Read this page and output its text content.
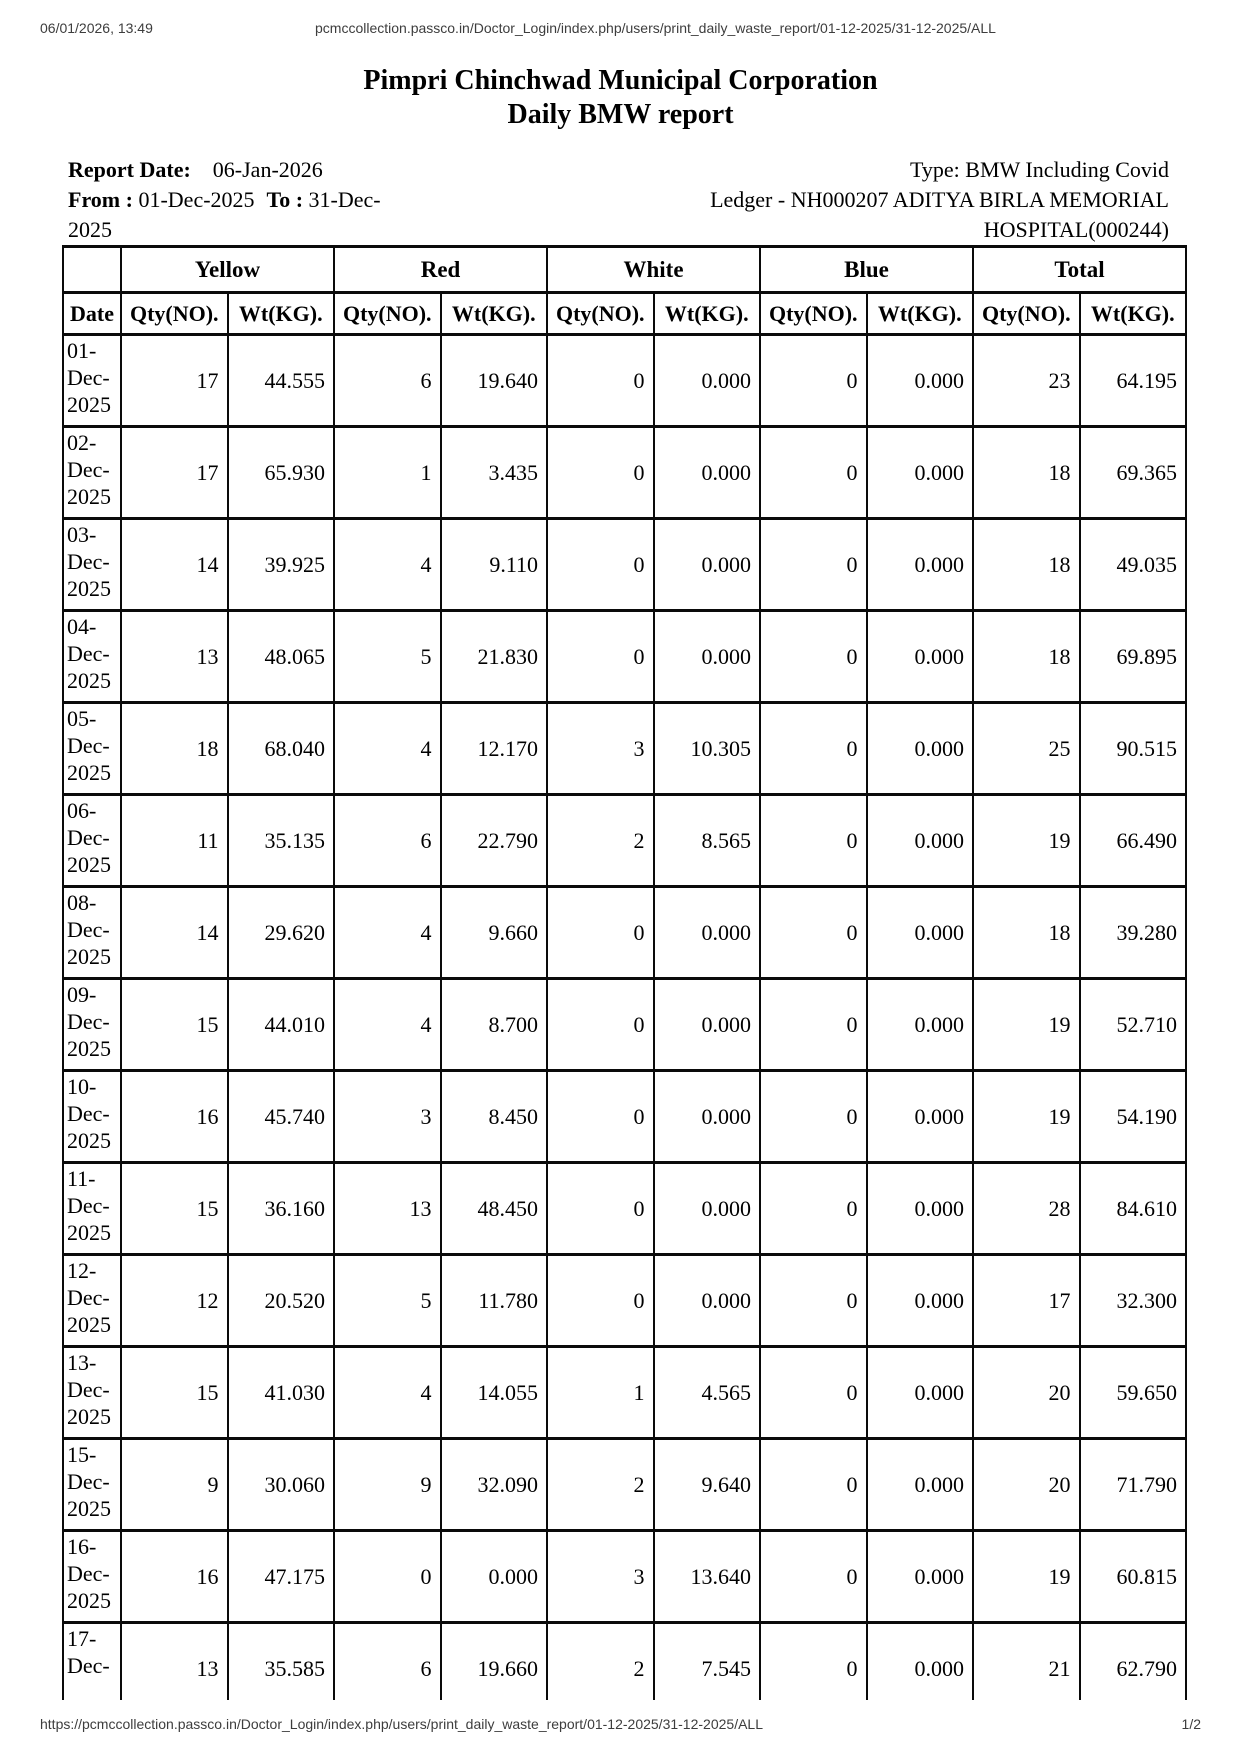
06/01/2026, 13:49	pcmccollection.passco.in/Doctor_Login/index.php/users/print_daily_waste_report/01-12-2025/31-12-2025/ALL
Pimpri Chinchwad Municipal Corporation
Daily BMW report
Report Date: 06-Jan-2026
From : 01-Dec-2025 To : 31-Dec-
2025
Type: BMW Including Covid
Ledger - NH000207 ADITYA BIRLA MEMORIAL
HOSPITAL(000244)
	Yellow		Red		White		Blue		Total	
Date	Qty(NO).	Wt(KG).	Qty(NO).	Wt(KG).	Qty(NO).	Wt(KG).	Qty(NO).	Wt(KG).	Qty(NO).	Wt(KG).
01-Dec-2025	17	44.555	6	19.640	0	0.000	0	0.000	23	64.195
02-Dec-2025	17	65.930	1	3.435	0	0.000	0	0.000	18	69.365
03-Dec-2025	14	39.925	4	9.110	0	0.000	0	0.000	18	49.035
04-Dec-2025	13	48.065	5	21.830	0	0.000	0	0.000	18	69.895
05-Dec-2025	18	68.040	4	12.170	3	10.305	0	0.000	25	90.515
06-Dec-2025	11	35.135	6	22.790	2	8.565	0	0.000	19	66.490
08-Dec-2025	14	29.620	4	9.660	0	0.000	0	0.000	18	39.280
09-Dec-2025	15	44.010	4	8.700	0	0.000	0	0.000	19	52.710
10-Dec-2025	16	45.740	3	8.450	0	0.000	0	0.000	19	54.190
11-Dec-2025	15	36.160	13	48.450	0	0.000	0	0.000	28	84.610
12-Dec-2025	12	20.520	5	11.780	0	0.000	0	0.000	17	32.300
13-Dec-2025	15	41.030	4	14.055	1	4.565	0	0.000	20	59.650
15-Dec-2025	9	30.060	9	32.090	2	9.640	0	0.000	20	71.790
16-Dec-2025	16	47.175	0	0.000	3	13.640	0	0.000	19	60.815
17-Dec-	13	35.585	6	19.660	2	7.545	0	0.000	21	62.790
https://pcmccollection.passco.in/Doctor_Login/index.php/users/print_daily_waste_report/01-12-2025/31-12-2025/ALL	1/2
